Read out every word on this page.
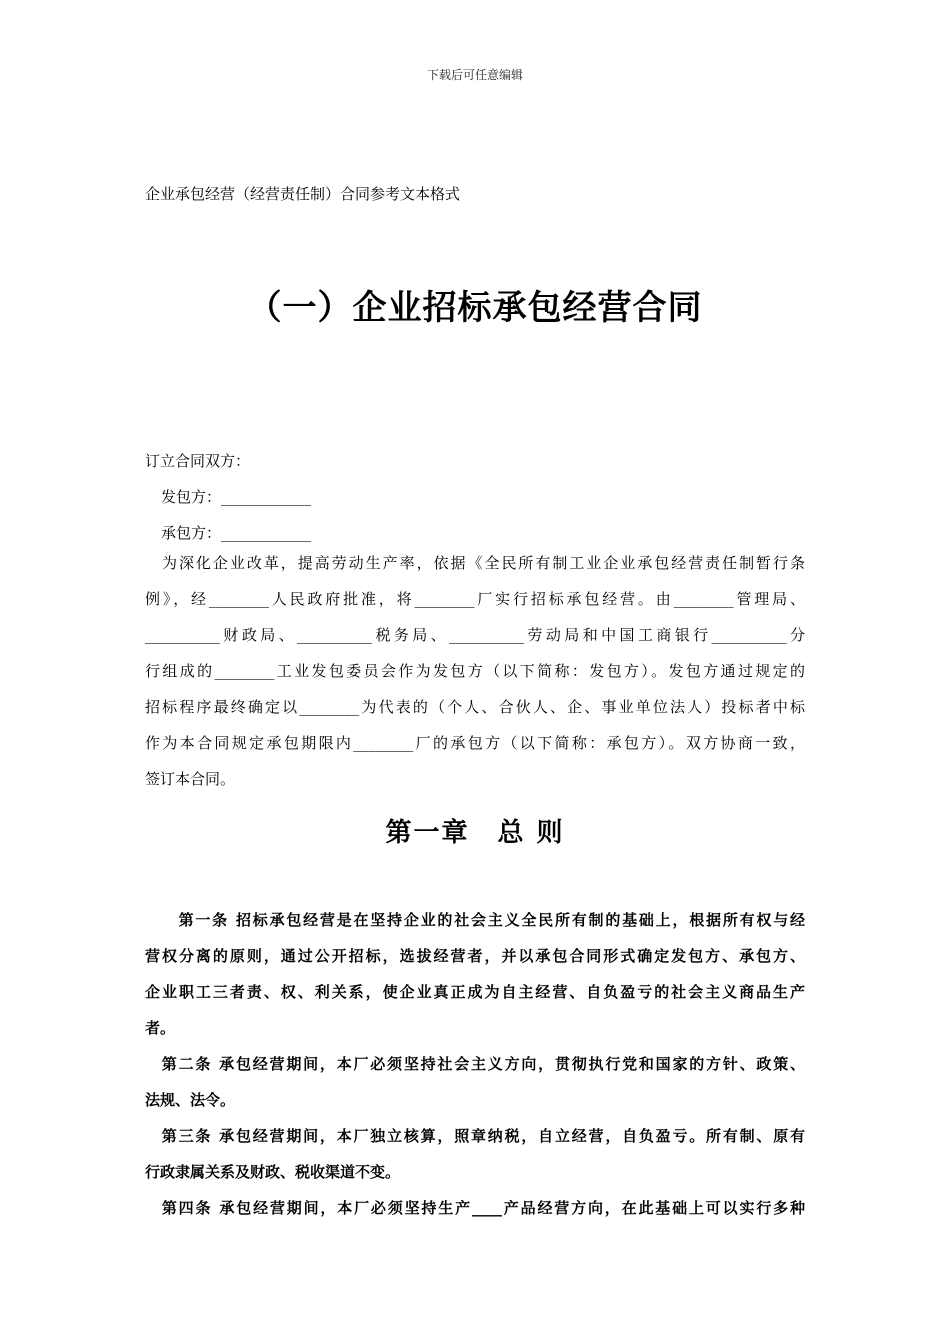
下载后可任意编辑
企业承包经营（经营责任制）合同参考文本格式
（一）企业招标承包经营合同
订立合同双方：
发包方：____________
承包方：____________
　为深化企业改革，提高劳动生产率，依据《全民所有制工业企业承包经营责任制暂行条
例》，经________人民政府批准，将________厂实行招标承包经营。由________管理局、
__________财政局、__________税务局、__________劳动局和中国工商银行__________分
行组成的________工业发包委员会作为发包方（以下简称：发包方）。发包方通过规定的
招标程序最终确定以________为代表的（个人、合伙人、企、事业单位法人）投标者中标
作为本合同规定承包期限内________厂的承包方（以下简称：承包方）。双方协商一致，
签订本合同。
第一章　总 则
　　第一条 招标承包经营是在坚持企业的社会主义全民所有制的基础上，根据所有权与经
营权分离的原则，通过公开招标，选拔经营者，并以承包合同形式确定发包方、承包方、
企业职工三者责、权、利关系，使企业真正成为自主经营、自负盈亏的社会主义商品生产
者。
　第二条 承包经营期间，本厂必须坚持社会主义方向，贯彻执行党和国家的方针、政策、
法规、法令。
　第三条 承包经营期间，本厂独立核算，照章纳税，自立经营，自负盈亏。所有制、原有
行政隶属关系及财政、税收渠道不变。
　第四条 承包经营期间，本厂必须坚持生产____产品经营方向，在此基础上可以实行多种
